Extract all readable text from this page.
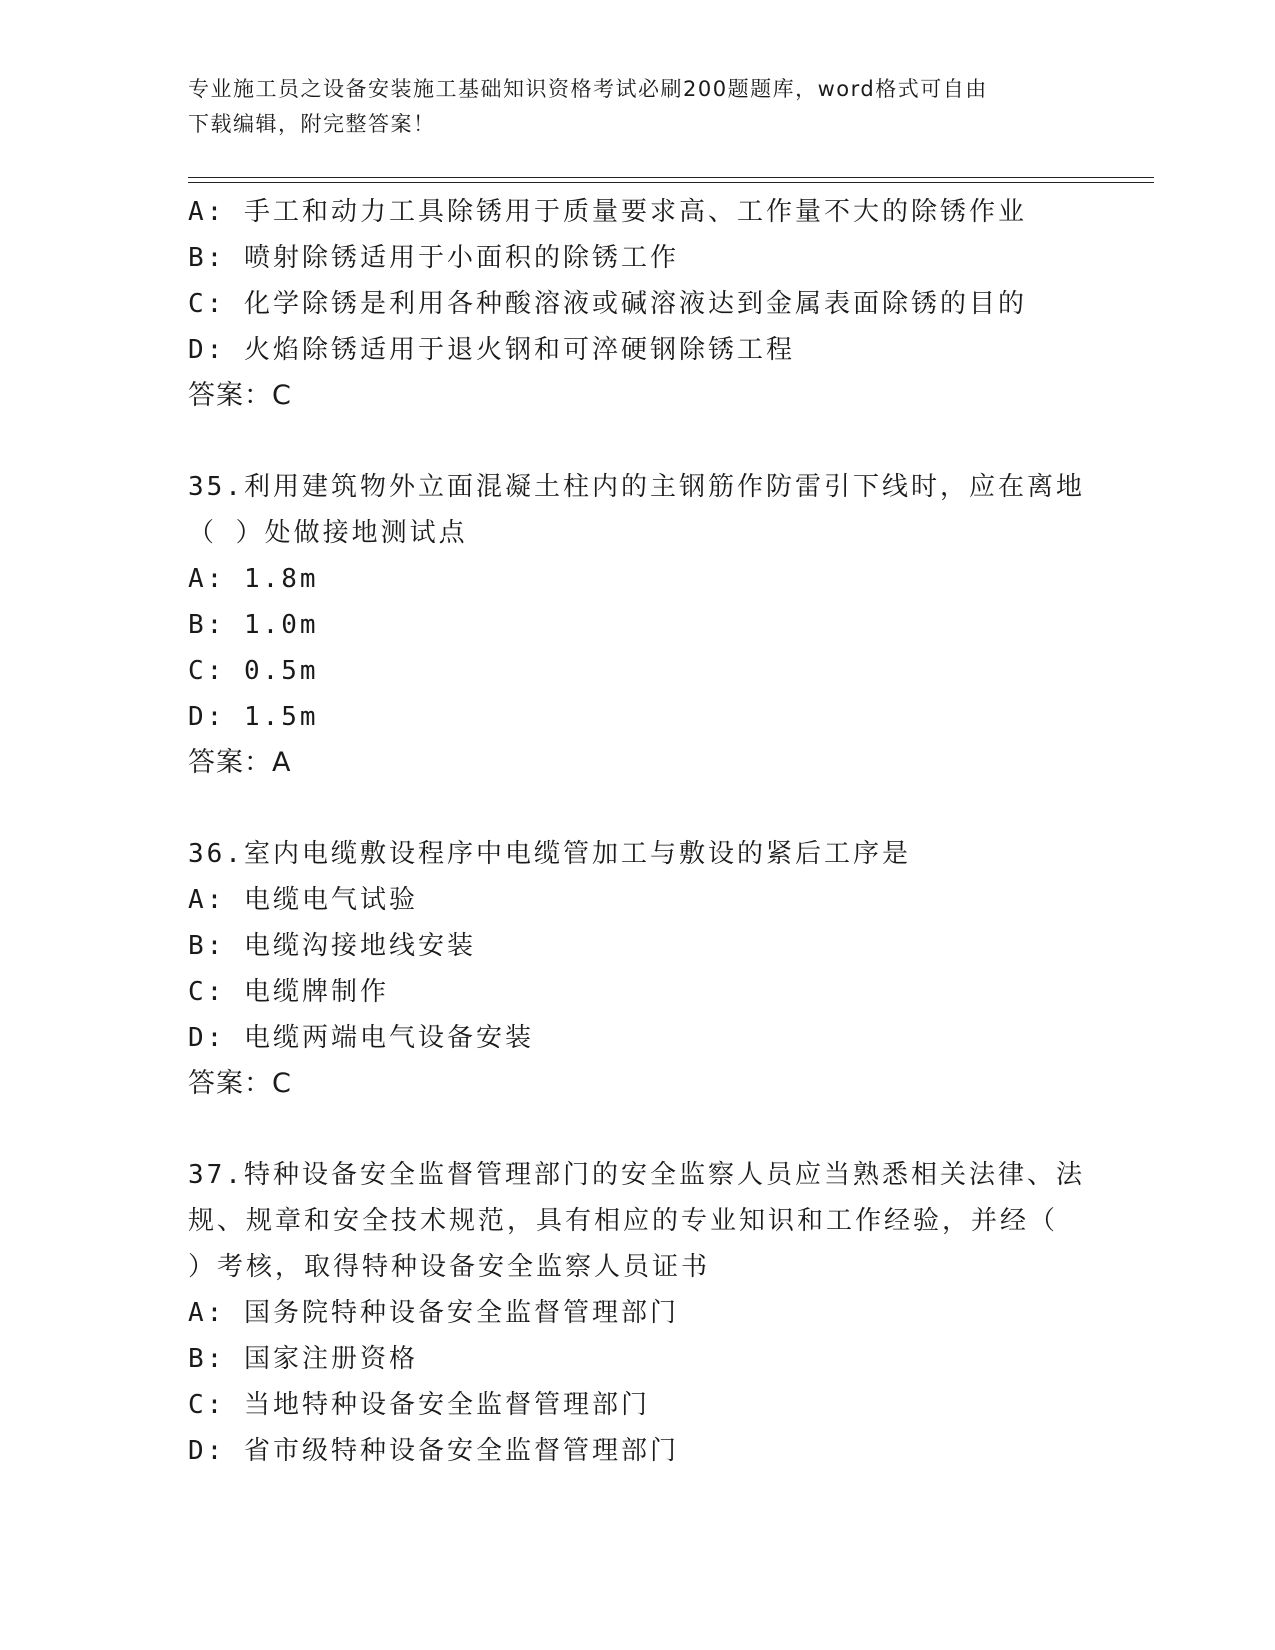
专业施工员之设备安装施工基础知识资格考试必刷200题题库，word格式可自由
下载编辑，附完整答案！
A: 手工和动力工具除锈用于质量要求高、工作量不大的除锈作业
B: 喷射除锈适用于小面积的除锈工作
C: 化学除锈是利用各种酸溶液或碱溶液达到金属表面除锈的目的
D: 火焰除锈适用于退火钢和可淬硬钢除锈工程
答案：C
35.利用建筑物外立面混凝土柱内的主钢筋作防雷引下线时，应在离地
（ ）处做接地测试点
A: 1.8m
B: 1.0m
C: 0.5m
D: 1.5m
答案：A
36.室内电缆敷设程序中电缆管加工与敷设的紧后工序是
A: 电缆电气试验
B: 电缆沟接地线安装
C: 电缆牌制作
D: 电缆两端电气设备安装
答案：C
37.特种设备安全监督管理部门的安全监察人员应当熟悉相关法律、法
规、规章和安全技术规范，具有相应的专业知识和工作经验，并经（
）考核，取得特种设备安全监察人员证书
A: 国务院特种设备安全监督管理部门
B: 国家注册资格
C: 当地特种设备安全监督管理部门
D: 省市级特种设备安全监督管理部门
